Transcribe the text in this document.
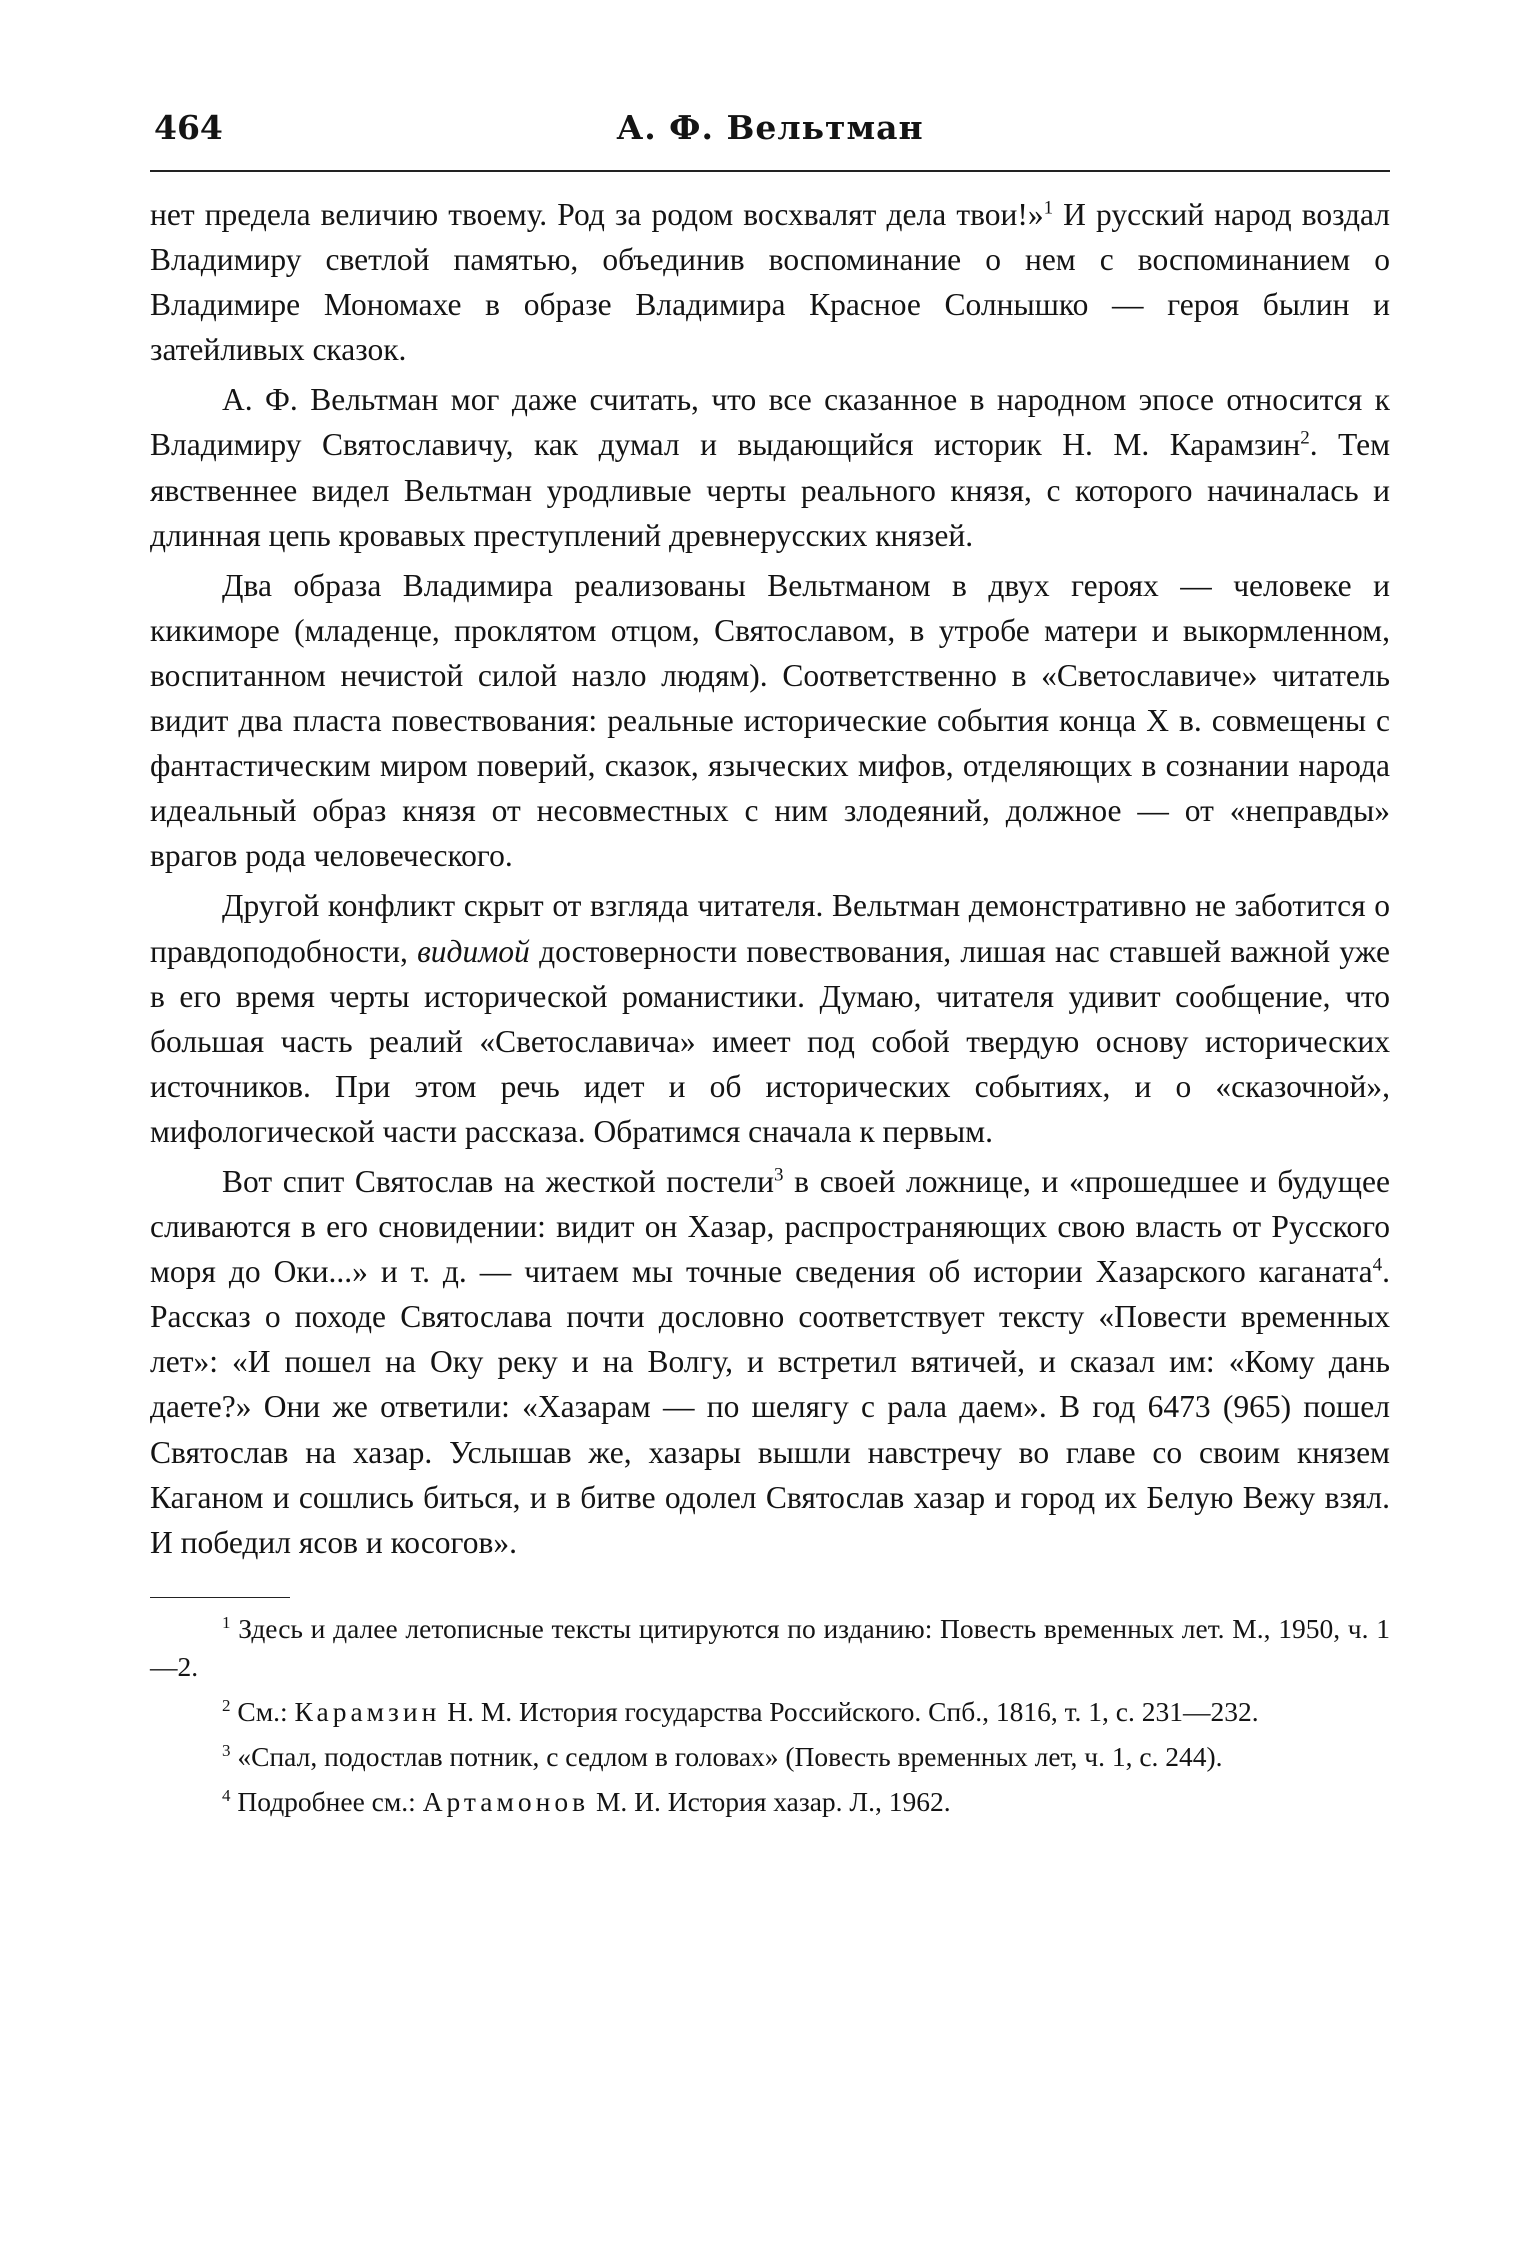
464	А. Ф. Вельтман

нет предела величию твоему. Род за родом восхвалят дела твои!»$^1$ И русский народ воздал Владимиру светлой памятью, объединив воспоминание о нем с воспоминанием о Владимире Мономахе в образе Владимира Красное Солнышко — героя былин и затейливых сказок.

А. Ф. Вельтман мог даже считать, что все сказанное в народном эпосе относится к Владимиру Святославичу, как думал и выдающийся историк Н. М. Карамзин$^2$. Тем явственнее видел Вельтман уродливые черты реального князя, с которого начиналась и длинная цепь кровавых преступлений древнерусских князей.

Два образа Владимира реализованы Вельтманом в двух героях — человеке и кикиморе (младенце, проклятом отцом, Святославом, в утробе матери и выкормленном, воспитанном нечистой силой назло людям). Соответственно в «Светославиче» читатель видит два пласта повествования: реальные исторические события конца X в. совмещены с фантастическим миром поверий, сказок, языческих мифов, отделяющих в сознании народа идеальный образ князя от несовместных с ним злодеяний, должное — от «неправды» врагов рода человеческого.

Другой конфликт скрыт от взгляда читателя. Вельтман демонстративно не заботится о правдоподобности, видимой достоверности повествования, лишая нас ставшей важной уже в его время черты исторической романистики. Думаю, читателя удивит сообщение, что большая часть реалий «Светославича» имеет под собой твердую основу исторических источников. При этом речь идет и об исторических событиях, и о «сказочной», мифологической части рассказа. Обратимся сначала к первым.

Вот спит Святослав на жесткой постели$^3$ в своей ложнице, и «прошедшее и будущее сливаются в его сновидении: видит он Хазар, распространяющих свою власть от Русского моря до Оки...» и т. д. — читаем мы точные сведения об истории Хазарского каганата$^4$. Рассказ о походе Святослава почти дословно соответствует тексту «Повести временных лет»: «И пошел на Оку реку и на Волгу, и встретил вятичей, и сказал им: «Кому дань даете?» Они же ответили: «Хазарам — по шелягу с рала даем». В год 6473 (965) пошел Святослав на хазар. Услышав же, хазары вышли навстречу во главе со своим князем Каганом и сошлись биться, и в битве одолел Святослав хазар и город их Белую Вежу взял. И победил ясов и косогов».

$^1$ Здесь и далее летописные тексты цитируются по изданию: Повесть временных лет. М., 1950, ч. 1—2.

$^2$ См.: Карамзин Н. М. История государства Российского. Спб., 1816, т. 1, с. 231—232.

$^3$ «Спал, подостлав потник, с седлом в головах» (Повесть временных лет, ч. 1, с. 244).

$^4$ Подробнее см.: Артамонов М. И. История хазар. Л., 1962.
